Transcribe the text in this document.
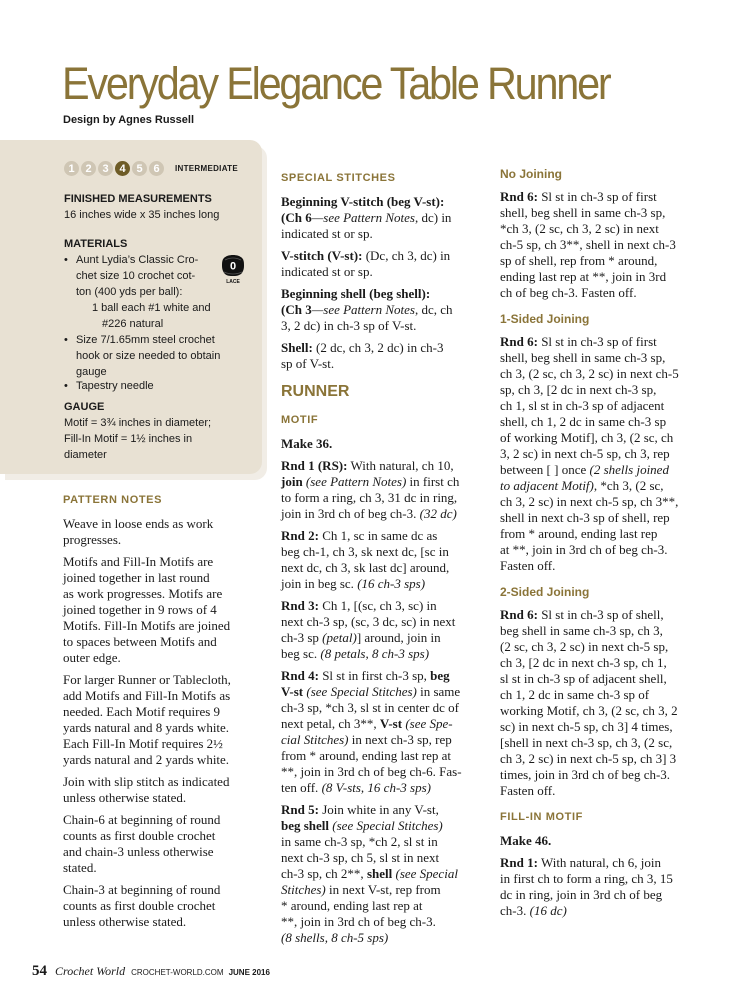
Everyday Elegance Table Runner
Design by Agnes Russell
1 2 3 4 5 6	INTERMEDIATE
FINISHED MEASUREMENTS
16 inches wide x 35 inches long
MATERIALS
• Aunt Lydia’s Classic Cro-
chet size 10 crochet cot-
ton (400 yds per ball):
1 ball each #1 white and
#226 natural
0
LACE
• Size 7/1.65mm steel crochet
hook or size needed to obtain
gauge
• Tapestry needle
GAUGE
Motif = 3¾ inches in diameter;
Fill-In Motif = 1½ inches in
diameter
PATTERN NOTES

Weave in loose ends as work
progresses.

Motifs and Fill-In Motifs are
joined together in last round
as work progresses. Motifs are
joined together in 9 rows of 4
Motifs. Fill-In Motifs are joined
to spaces between Motifs and
outer edge.

For larger Runner or Tablecloth,
add Motifs and Fill-In Motifs as
needed. Each Motif requires 9
yards natural and 8 yards white.
Each Fill-In Motif requires 2½
yards natural and 2 yards white.

Join with slip stitch as indicated
unless otherwise stated.

Chain-6 at beginning of round
counts as first double crochet
and chain-3 unless otherwise
stated.

Chain-3 at beginning of round
counts as first double crochet
unless otherwise stated.

SPECIAL STITCHES

Beginning V-stitch (beg V-st):
(Ch 6—see Pattern Notes, dc) in
indicated st or sp.

V-stitch (V-st): (Dc, ch 3, dc) in
indicated st or sp.

Beginning shell (beg shell):
(Ch 3—see Pattern Notes, dc, ch
3, 2 dc) in ch-3 sp of V-st.

Shell: (2 dc, ch 3, 2 dc) in ch-3
sp of V-st.

RUNNER
MOTIF
Make 36.

Rnd 1 (RS): With natural, ch 10,
join (see Pattern Notes) in first ch
to form a ring, ch 3, 31 dc in ring,
join in 3rd ch of beg ch-3. (32 dc)

Rnd 2: Ch 1, sc in same dc as
beg ch-1, ch 3, sk next dc, [sc in
next dc, ch 3, sk last dc] around,
join in beg sc. (16 ch-3 sps)

Rnd 3: Ch 1, [(sc, ch 3, sc) in
next ch-3 sp, (sc, 3 dc, sc) in next
ch-3 sp (petal)] around, join in
beg sc. (8 petals, 8 ch-3 sps)

Rnd 4: Sl st in first ch-3 sp, beg
V-st (see Special Stitches) in same
ch-3 sp, *ch 3, sl st in center dc of
next petal, ch 3**, V-st (see Spe-
cial Stitches) in next ch-3 sp, rep
from * around, ending last rep at
**, join in 3rd ch of beg ch-6. Fas-
ten off. (8 V-sts, 16 ch-3 sps)

Rnd 5: Join white in any V-st,
beg shell (see Special Stitches)
in same ch-3 sp, *ch 2, sl st in
next ch-3 sp, ch 5, sl st in next
ch-3 sp, ch 2**, shell (see Special
Stitches) in next V-st, rep from
* around, ending last rep at
**, join in 3rd ch of beg ch-3.
(8 shells, 8 ch-5 sps)

No Joining

Rnd 6: Sl st in ch-3 sp of first
shell, beg shell in same ch-3 sp,
*ch 3, (2 sc, ch 3, 2 sc) in next
ch-5 sp, ch 3**, shell in next ch-3
sp of shell, rep from * around,
ending last rep at **, join in 3rd
ch of beg ch-3. Fasten off.

1-Sided Joining

Rnd 6: Sl st in ch-3 sp of first
shell, beg shell in same ch-3 sp,
ch 3, (2 sc, ch 3, 2 sc) in next ch-5
sp, ch 3, [2 dc in next ch-3 sp,
ch 1, sl st in ch-3 sp of adjacent
shell, ch 1, 2 dc in same ch-3 sp
of working Motif], ch 3, (2 sc, ch
3, 2 sc) in next ch-5 sp, ch 3, rep
between [ ] once (2 shells joined
to adjacent Motif), *ch 3, (2 sc,
ch 3, 2 sc) in next ch-5 sp, ch 3**,
shell in next ch-3 sp of shell, rep
from * around, ending last rep
at **, join in 3rd ch of beg ch-3.
Fasten off.

2-Sided Joining

Rnd 6: Sl st in ch-3 sp of shell,
beg shell in same ch-3 sp, ch 3,
(2 sc, ch 3, 2 sc) in next ch-5 sp,
ch 3, [2 dc in next ch-3 sp, ch 1,
sl st in ch-3 sp of adjacent shell,
ch 1, 2 dc in same ch-3 sp of
working Motif, ch 3, (2 sc, ch 3, 2
sc) in next ch-5 sp, ch 3] 4 times,
[shell in next ch-3 sp, ch 3, (2 sc,
ch 3, 2 sc) in next ch-5 sp, ch 3] 3
times, join in 3rd ch of beg ch-3.
Fasten off.

FILL-IN MOTIF
Make 46.

Rnd 1: With natural, ch 6, join
in first ch to form a ring, ch 3, 15
dc in ring, join in 3rd ch of beg
ch-3. (16 dc)

54 Crochet World CROCHET-WORLD.COM JUNE 2016
